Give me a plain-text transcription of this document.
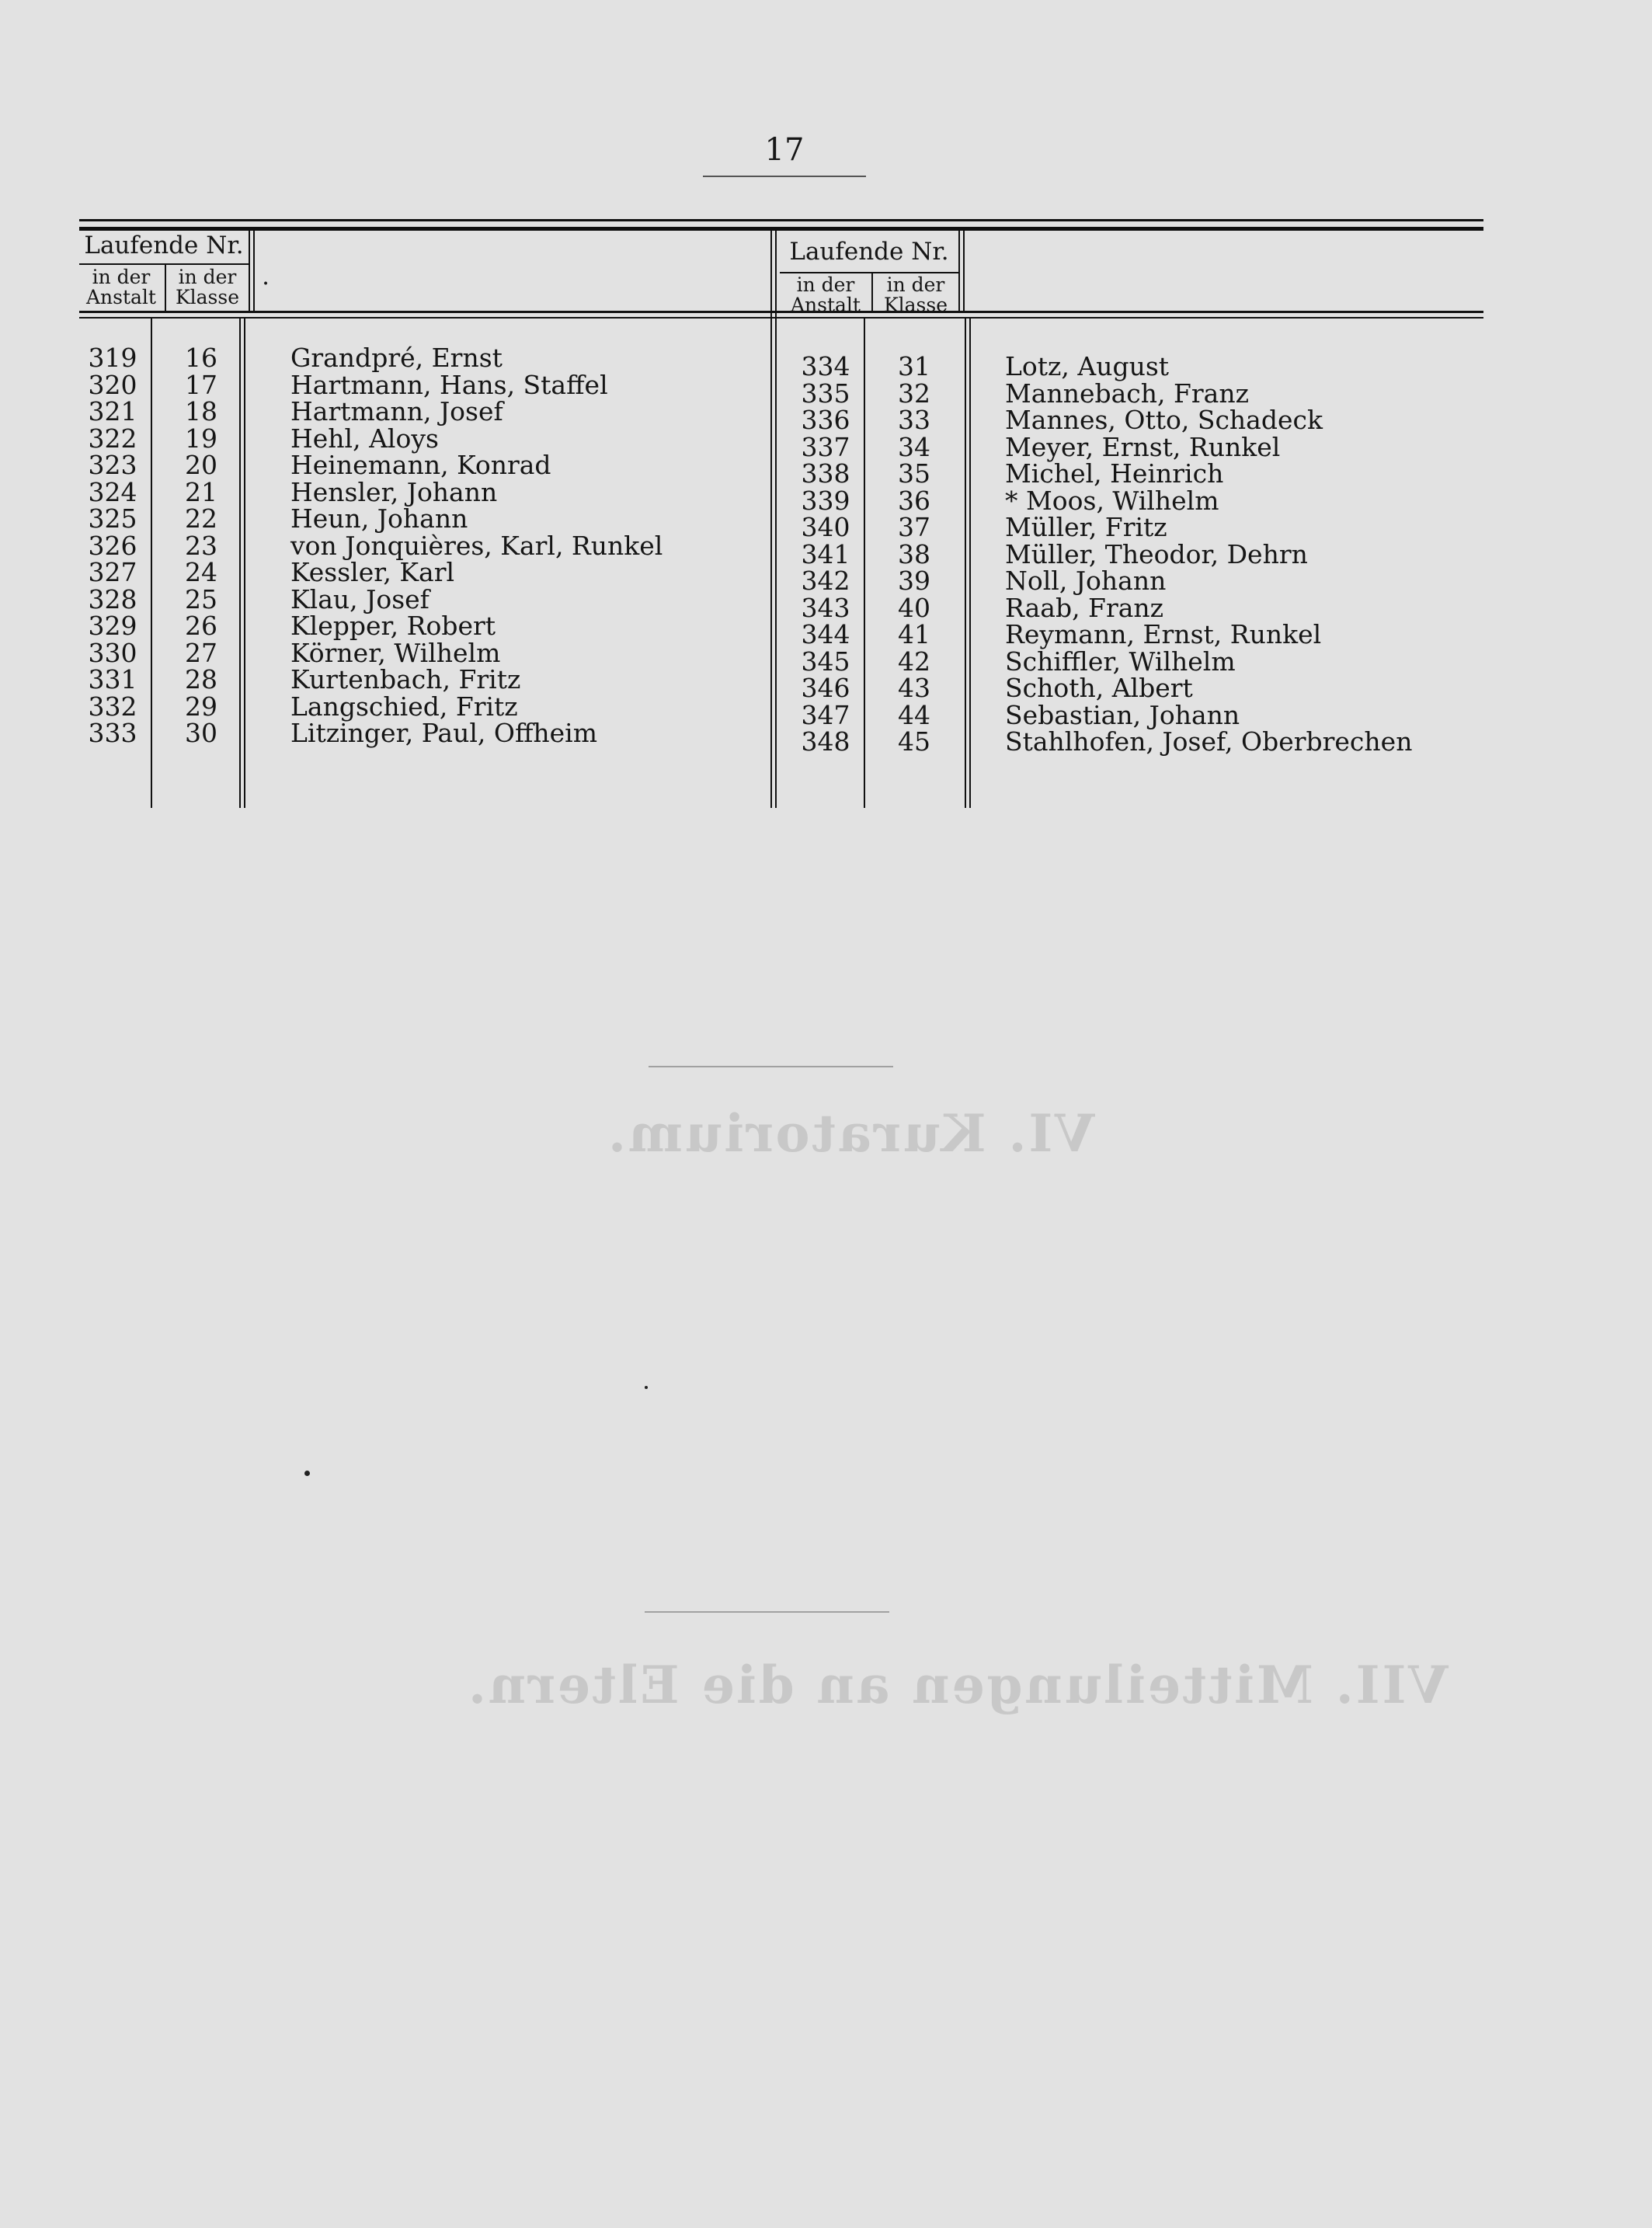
17
VI. Kuratorium.
VII. Mitteilungen an die Eltern.
Laufende Nr.
in der
Anstalt
in der
Klasse
.
Laufende Nr.
in der
Anstalt
in der
Klasse
319	16	Grandpré, Ernst
320	17	Hartmann, Hans, Staffel
321	18	Hartmann, Josef
322	19	Hehl, Aloys
323	20	Heinemann, Konrad
324	21	Hensler, Johann
325	22	Heun, Johann
326	23	von Jonquières, Karl, Runkel
327	24	Kessler, Karl
328	25	Klau, Josef
329	26	Klepper, Robert
330	27	Körner, Wilhelm
331	28	Kurtenbach, Fritz
332	29	Langschied, Fritz
333	30	Litzinger, Paul, Offheim
334	31	Lotz, August
335	32	Mannebach, Franz
336	33	Mannes, Otto, Schadeck
337	34	Meyer, Ernst, Runkel
338	35	Michel, Heinrich
339	36	* Moos, Wilhelm
340	37	Müller, Fritz
341	38	Müller, Theodor, Dehrn
342	39	Noll, Johann
343	40	Raab, Franz
344	41	Reymann, Ernst, Runkel
345	42	Schiffler, Wilhelm
346	43	Schoth, Albert
347	44	Sebastian, Johann
348	45	Stahlhofen, Josef, Oberbrechen
